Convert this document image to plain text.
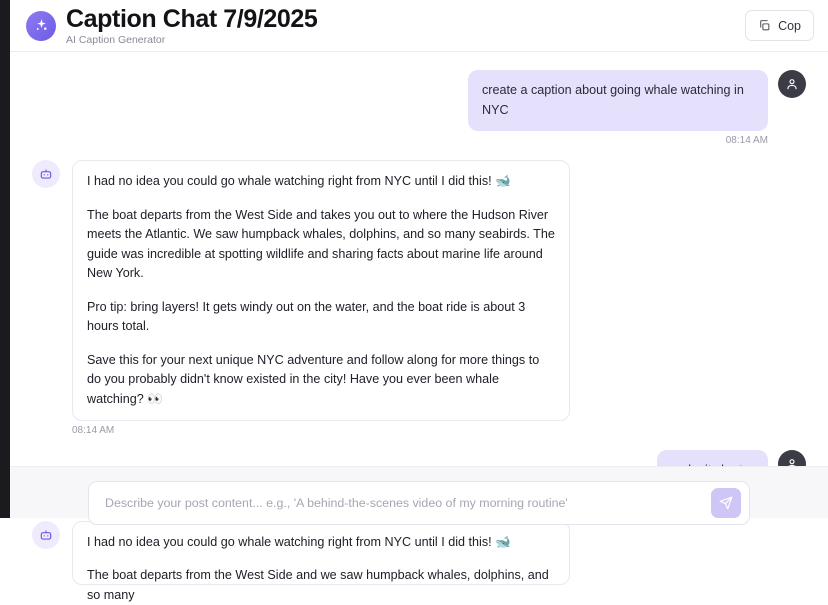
Caption Chat 7/9/2025
AI Caption Generator
Cop
create a caption about going whale watching in NYC
08:14 AM

I had no idea you could go whale watching right from NYC until I did this! 🐋

The boat departs from the West Side and takes you out to where the Hudson River meets the Atlantic. We saw humpback whales, dolphins, and so many seabirds. The guide was incredible at spotting wildlife and sharing facts about marine life around New York.

Pro tip: bring layers! It gets windy out on the water, and the boat ride is about 3 hours total.

Save this for your next unique NYC adventure and follow along for more things to do you probably didn't know existed in the city! Have you ever been whale watching? 👀

08:14 AM

I had no idea you could go whale watching right from NYC until I did this! 🐋

The boat departs from the West Side and we saw humpback whales, dolphins, and so many

Describe your post content... e.g., 'A behind-the-scenes video of my morning routine'
